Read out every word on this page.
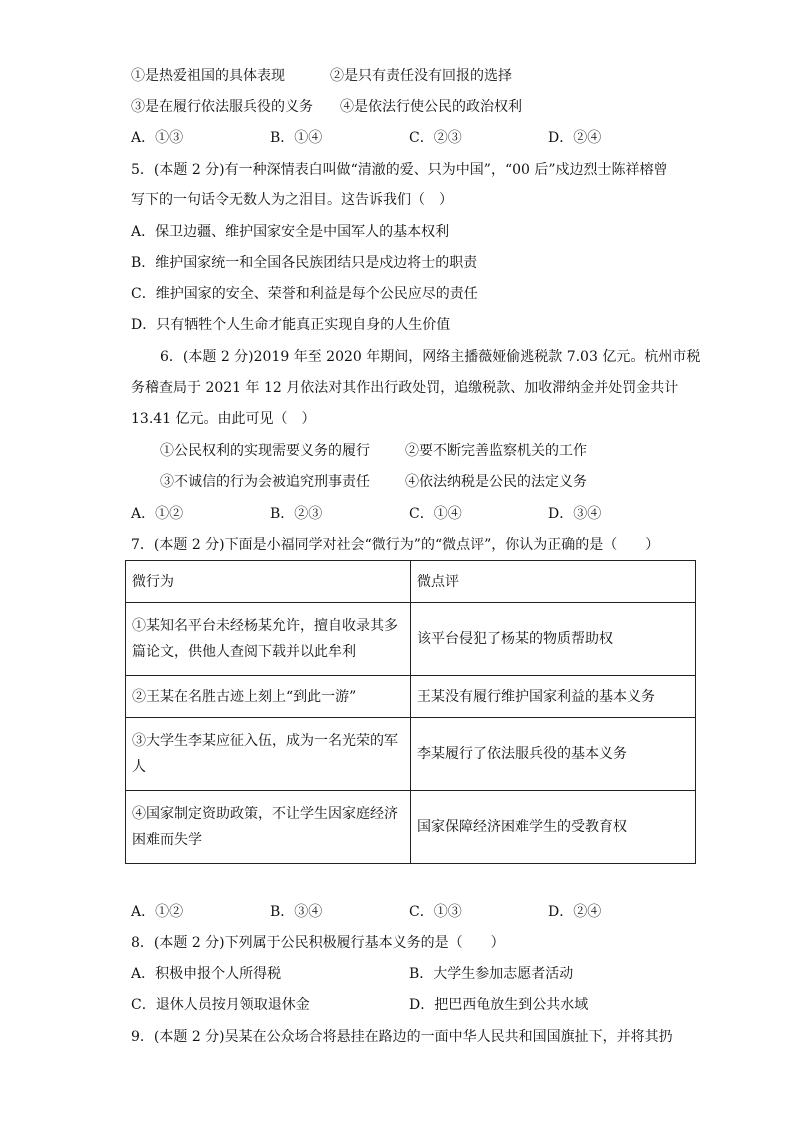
①是热爱祖国的具体表现	②是只有责任没有回报的选择
③是在履行依法服兵役的义务 ④是依法行使公民的政治权利
A．①③	B．①④	C．②③	D．②④
5．(本题 2 分)有一种深情表白叫做“清澈的爱、只为中国”，“00 后”戍边烈士陈祥榕曾
写下的一句话令无数人为之泪目。这告诉我们（　）
A．保卫边疆、维护国家安全是中国军人的基本权利
B．维护国家统一和全国各民族团结只是戍边将士的职责
C．维护国家的安全、荣誉和利益是每个公民应尽的责任
D．只有牺牲个人生命才能真正实现自身的人生价值
6．(本题 2 分)2019 年至 2020 年期间，网络主播薇娅偷逃税款 7.03 亿元。杭州市税
务稽查局于 2021 年 12 月依法对其作出行政处罚，追缴税款、加收滞纳金并处罚金共计
13.41 亿元。由此可见（　）
①公民权利的实现需要义务的履行	②要不断完善监察机关的工作
③不诚信的行为会被追究刑事责任	④依法纳税是公民的法定义务
A．①②	B．②③	C．①④	D．③④
7．(本题 2 分)下面是小福同学对社会“微行为”的“微点评”，你认为正确的是（　　）
微行为	微点评
①某知名平台未经杨某允许，擅自收录其多篇论文，供他人查阅下载并以此牟利	该平台侵犯了杨某的物质帮助权
②王某在名胜古迹上刻上“到此一游”	王某没有履行维护国家利益的基本义务
③大学生李某应征入伍，成为一名光荣的军人	李某履行了依法服兵役的基本义务
④国家制定资助政策，不让学生因家庭经济困难而失学	国家保障经济困难学生的受教育权
A．①②	B．③④	C．①③	D．②④
8．(本题 2 分)下列属于公民积极履行基本义务的是（　　）
A．积极申报个人所得税	B．大学生参加志愿者活动
C．退休人员按月领取退休金	D．把巴西龟放生到公共水域
9．(本题 2 分)吴某在公众场合将悬挂在路边的一面中华人民共和国国旗扯下，并将其扔
